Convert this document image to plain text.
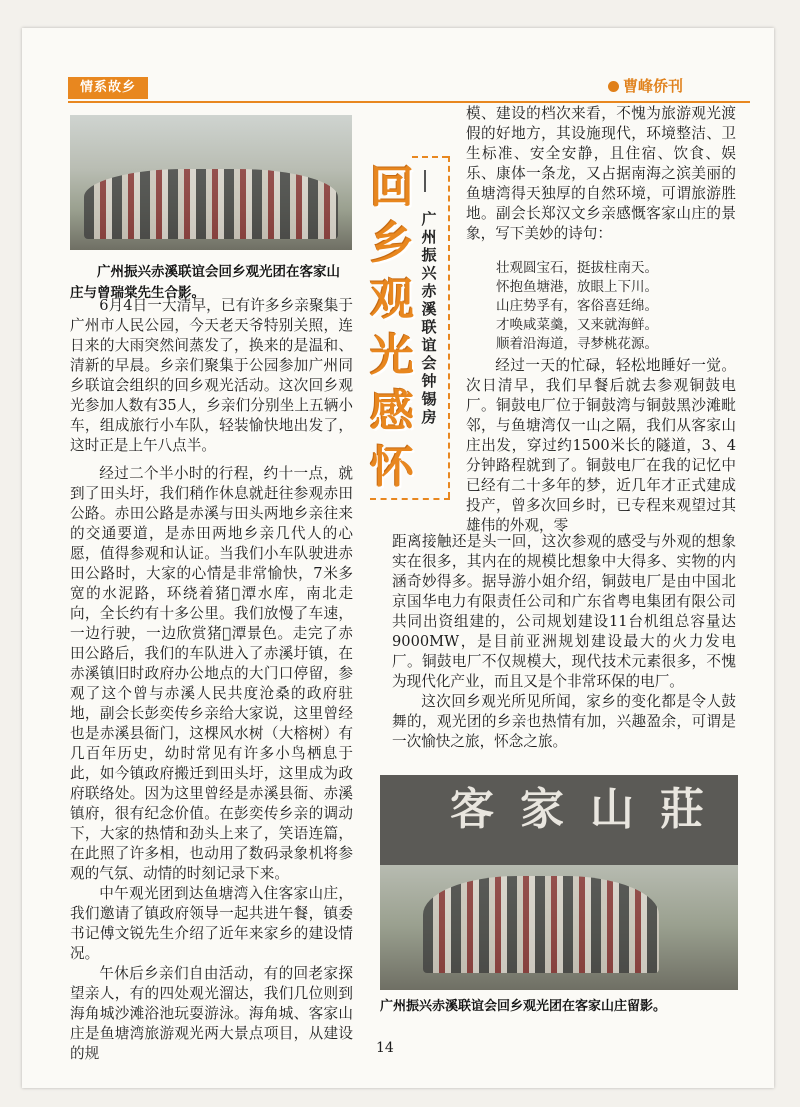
情系故乡	曹峰侨刊
广州振兴赤溪联谊会回乡观光团在客家山庄与曾瑞棠先生合影。
回乡观光感怀
广州振兴赤溪联谊会　钟锡房

6月4日一大清早，已有许多乡亲聚集于广州市人民公园，今天老天爷特别关照，连日来的大雨突然间蒸发了，换来的是温和、清新的早晨。乡亲们聚集于公园参加广州同乡联谊会组织的回乡观光活动。这次回乡观光参加人数有35人，乡亲们分别坐上五辆小车，组成旅行小车队，轻装愉快地出发了，这时正是上午八点半。

经过二个半小时的行程，约十一点，就到了田头圩，我们稍作休息就赶往参观赤田公路。赤田公路是赤溪与田头两地乡亲往来的交通要道，是赤田两地乡亲几代人的心愿，值得参观和认证。当我们小车队驶进赤田公路时，大家的心情是非常愉快，7米多宽的水泥路，环绕着猪𤞎潭水库，南北走向，全长约有十多公里。我们放慢了车速，一边行驶，一边欣赏猪𤞎潭景色。走完了赤田公路后，我们的车队进入了赤溪圩镇，在赤溪镇旧时政府办公地点的大门口停留，参观了这个曾与赤溪人民共度沧桑的政府驻地，副会长彭奕传乡亲给大家说，这里曾经也是赤溪县衙门，这棵风水树（大榕树）有几百年历史，幼时常见有许多小鸟栖息于此，如今镇政府搬迁到田头圩，这里成为政府联络处。因为这里曾经是赤溪县衙、赤溪镇府，很有纪念价值。在彭奕传乡亲的调动下，大家的热情和劲头上来了，笑语连篇，在此照了许多相，也动用了数码录象机将参观的气氛、动情的时刻记录下来。

中午观光团到达鱼塘湾入住客家山庄，我们邀请了镇政府领导一起共进午餐，镇委书记傅文锐先生介绍了近年来家乡的建设情况。

午休后乡亲们自由活动，有的回老家探望亲人，有的四处观光溜达，我们几位则到海角城沙滩浴池玩耍游泳。海角城、客家山庄是鱼塘湾旅游观光两大景点项目，从建设的规

模、建设的档次来看，不愧为旅游观光渡假的好地方，其设施现代，环境整洁、卫生标准、安全安静，且住宿、饮食、娱乐、康体一条龙，又占据南海之滨美丽的鱼塘湾得天独厚的自然环境，可谓旅游胜地。副会长郑汉文乡亲感慨客家山庄的景象，写下美妙的诗句：

壮观圆宝石，挺拔柱南天。
怀抱鱼塘港，放眼上下川。
山庄势孚有，客俗喜廷绵。
才唤咸菜羹，又来就海鲜。
顺着沿海道，寻梦桃花源。

经过一天的忙碌，轻松地睡好一觉。次日清早，我们早餐后就去参观铜鼓电厂。铜鼓电厂位于铜鼓湾与铜鼓黑沙滩毗邻，与鱼塘湾仅一山之隔，我们从客家山庄出发，穿过约1500米长的隧道，3、4分钟路程就到了。铜鼓电厂在我的记忆中已经有二十多年的梦，近几年才正式建成投产，曾多次回乡时，已专程来观望过其雄伟的外观，零

距离接触还是头一回，这次参观的感受与外观的想象实在很多，其内在的规模比想象中大得多、实物的内涵奇妙得多。据导游小姐介绍，铜鼓电厂是由中国北京国华电力有限责任公司和广东省粤电集团有限公司共同出资组建的，公司规划建设11台机组总容量达9000MW，是目前亚洲规划建设最大的火力发电厂。铜鼓电厂不仅规模大，现代技术元素很多，不愧为现代化产业，而且又是个非常环保的电厂。

这次回乡观光所见所闻，家乡的变化都是令人鼓舞的，观光团的乡亲也热情有加，兴趣盈余，可谓是一次愉快之旅，怀念之旅。

客家山莊
广州振兴赤溪联谊会回乡观光团在客家山庄留影。
14
